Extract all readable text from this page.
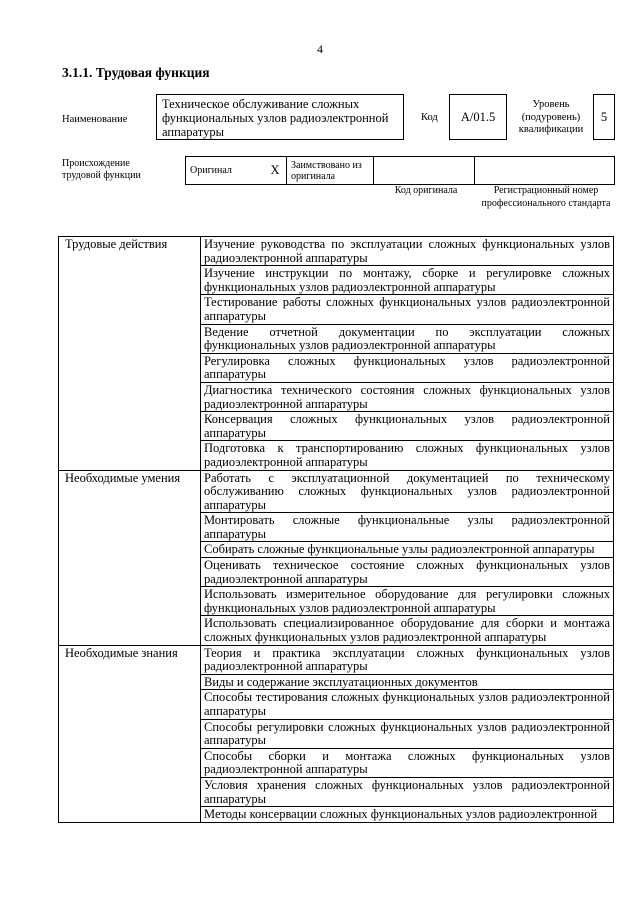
4
3.1.1. Трудовая функция
Наименование
Техническое обслуживание сложных функциональных узлов радиоэлектронной аппаратуры
Код A/01.5
Уровень (подуровень) квалификации
5
Происхождение трудовой функции	Оригинал	X	Заимствовано из оригинала		
Код оригинала	Регистрационный номер профессионального стандарта
Трудовые действия	Изучение руководства по эксплуатации сложных функциональных узлов радиоэлектронной аппаратуры
	Изучение инструкции по монтажу, сборке и регулировке сложных функциональных узлов радиоэлектронной аппаратуры
	Тестирование работы сложных функциональных узлов радиоэлектронной аппаратуры
	Ведение отчетной документации по эксплуатации сложных функциональных узлов радиоэлектронной аппаратуры
	Регулировка сложных функциональных узлов радиоэлектронной аппаратуры
	Диагностика технического состояния сложных функциональных узлов радиоэлектронной аппаратуры
	Консервация сложных функциональных узлов радиоэлектронной аппаратуры
	Подготовка к транспортированию сложных функциональных узлов радиоэлектронной аппаратуры
Необходимые умения	Работать с эксплуатационной документацией по техническому обслуживанию сложных функциональных узлов радиоэлектронной аппаратуры
	Монтировать сложные функциональные узлы радиоэлектронной аппаратуры
	Собирать сложные функциональные узлы радиоэлектронной аппаратуры
	Оценивать техническое состояние сложных функциональных узлов радиоэлектронной аппаратуры
	Использовать измерительное оборудование для регулировки сложных функциональных узлов радиоэлектронной аппаратуры
	Использовать специализированное оборудование для сборки и монтажа сложных функциональных узлов радиоэлектронной аппаратуры
Необходимые знания	Теория и практика эксплуатации сложных функциональных узлов радиоэлектронной аппаратуры
	Виды и содержание эксплуатационных документов
	Способы тестирования сложных функциональных узлов радиоэлектронной аппаратуры
	Способы регулировки сложных функциональных узлов радиоэлектронной аппаратуры
	Способы сборки и монтажа сложных функциональных узлов радиоэлектронной аппаратуры
	Условия хранения сложных функциональных узлов радиоэлектронной аппаратуры
	Методы консервации сложных функциональных узлов радиоэлектронной
